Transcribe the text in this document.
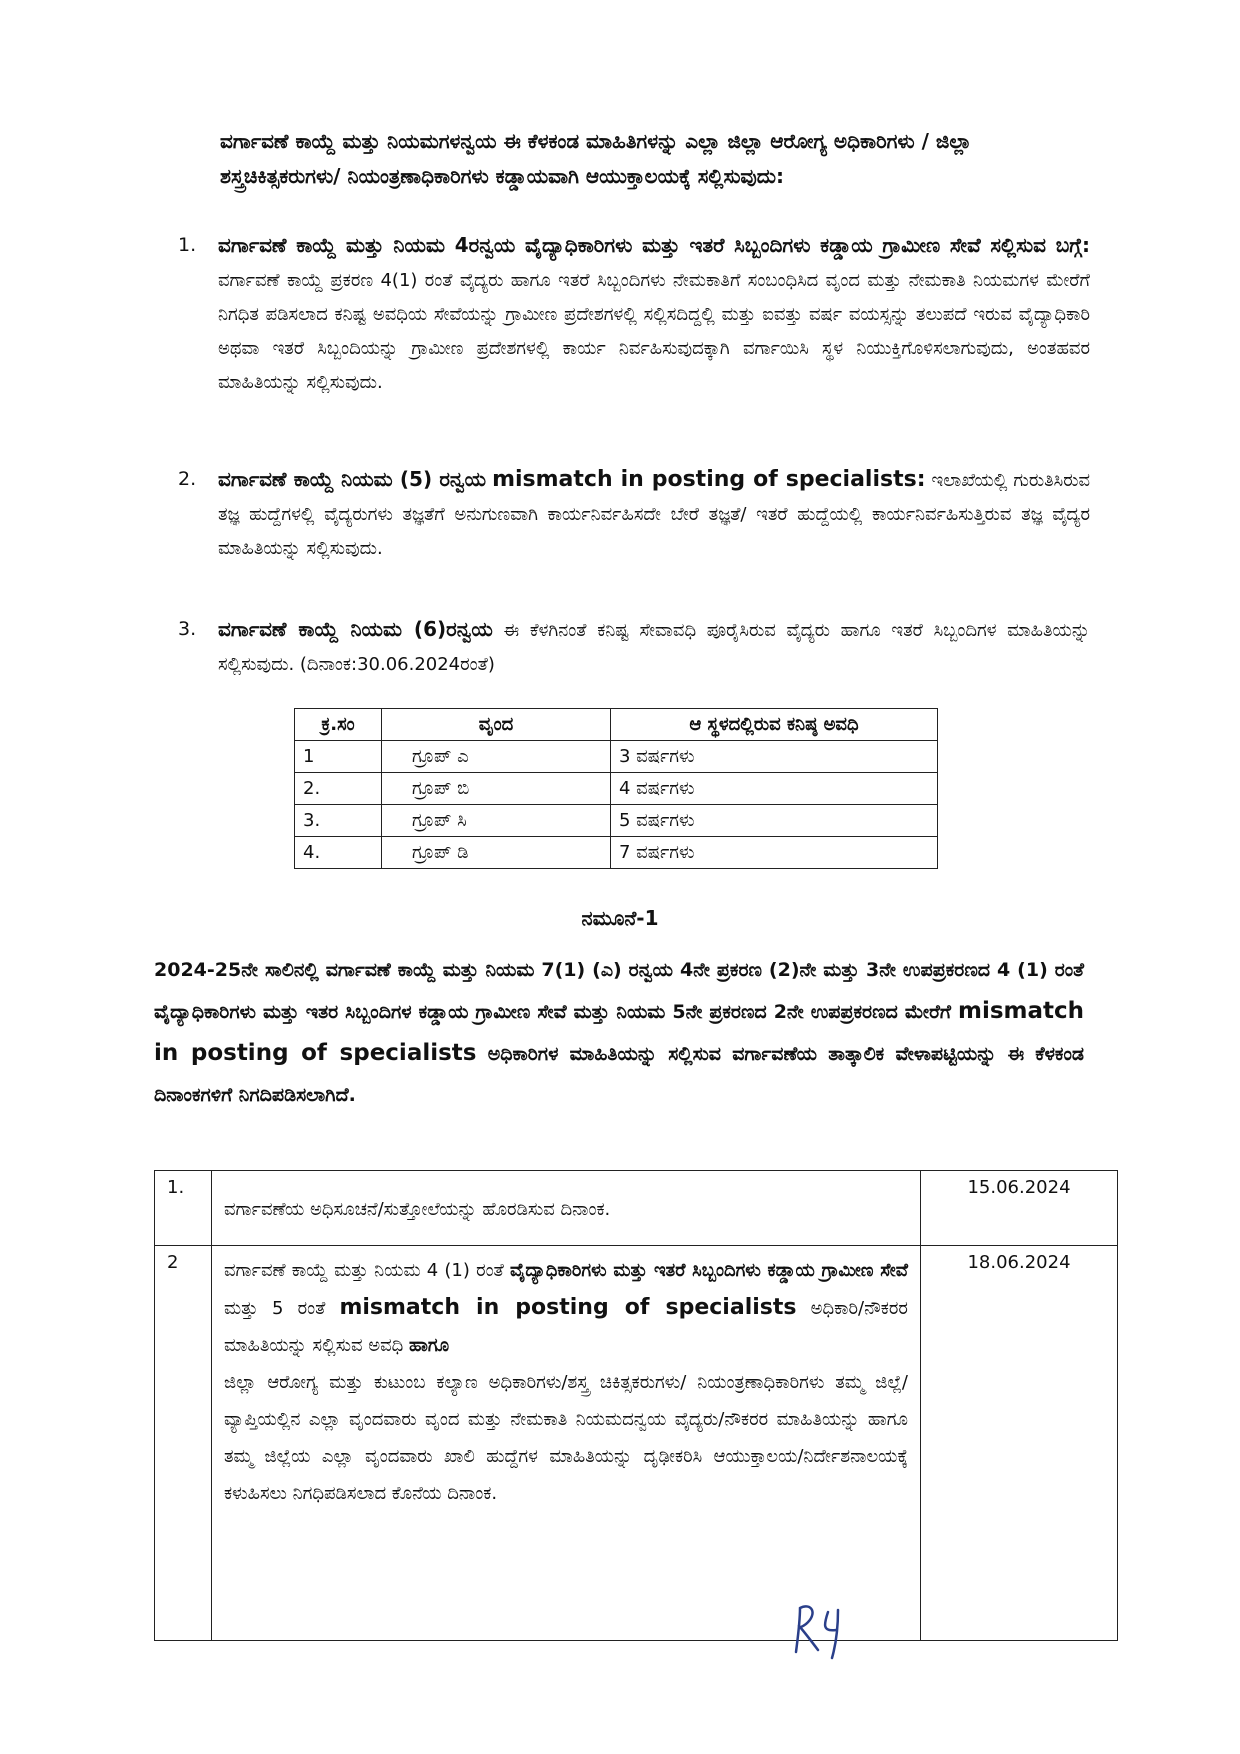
ವರ್ಗಾವಣೆ ಕಾಯ್ದೆ ಮತ್ತು ನಿಯಮಗಳನ್ವಯ ಈ ಕೆಳಕಂಡ ಮಾಹಿತಿಗಳನ್ನು ಎಲ್ಲಾ ಜಿಲ್ಲಾ ಆರೋಗ್ಯ ಅಧಿಕಾರಿಗಳು / ಜಿಲ್ಲಾ ಶಸ್ತ್ರಚಿಕಿತ್ಸಕರುಗಳು/ ನಿಯಂತ್ರಣಾಧಿಕಾರಿಗಳು ಕಡ್ಡಾಯವಾಗಿ ಆಯುಕ್ತಾಲಯಕ್ಕೆ ಸಲ್ಲಿಸುವುದು:

1. ವರ್ಗಾವಣೆ ಕಾಯ್ದೆ ಮತ್ತು ನಿಯಮ 4ರನ್ವಯ ವೈದ್ಯಾಧಿಕಾರಿಗಳು ಮತ್ತು ಇತರೆ ಸಿಬ್ಬಂದಿಗಳು ಕಡ್ಡಾಯ ಗ್ರಾಮೀಣ ಸೇವೆ ಸಲ್ಲಿಸುವ ಬಗ್ಗೆ: ವರ್ಗಾವಣೆ ಕಾಯ್ದೆ ಪ್ರಕರಣ 4(1) ರಂತೆ ವೈದ್ಯರು ಹಾಗೂ ಇತರೆ ಸಿಬ್ಬಂದಿಗಳು ನೇಮಕಾತಿಗೆ ಸಂಬಂಧಿಸಿದ ವೃಂದ ಮತ್ತು ನೇಮಕಾತಿ ನಿಯಮಗಳ ಮೇರೆಗೆ ನಿಗಧಿತ ಪಡಿಸಲಾದ ಕನಿಷ್ಟ ಅವಧಿಯ ಸೇವೆಯನ್ನು ಗ್ರಾಮೀಣ ಪ್ರದೇಶಗಳಲ್ಲಿ ಸಲ್ಲಿಸದಿದ್ದಲ್ಲಿ ಮತ್ತು ಐವತ್ತು ವರ್ಷ ವಯಸ್ಸನ್ನು ತಲುಪದೆ ಇರುವ ವೈದ್ಯಾಧಿಕಾರಿ ಅಥವಾ ಇತರೆ ಸಿಬ್ಬಂದಿಯನ್ನು ಗ್ರಾಮೀಣ ಪ್ರದೇಶಗಳಲ್ಲಿ ಕಾರ್ಯ ನಿರ್ವಹಿಸುವುದಕ್ಕಾಗಿ ವರ್ಗಾಯಿಸಿ ಸ್ಥಳ ನಿಯುಕ್ತಿಗೊಳಿಸಲಾಗುವುದು, ಅಂತಹವರ ಮಾಹಿತಿಯನ್ನು ಸಲ್ಲಿಸುವುದು.
2. ವರ್ಗಾವಣೆ ಕಾಯ್ದೆ ನಿಯಮ (5) ರನ್ವಯ mismatch in posting of specialists: ಇಲಾಖೆಯಲ್ಲಿ ಗುರುತಿಸಿರುವ ತಜ್ಞ ಹುದ್ದೆಗಳಲ್ಲಿ ವೈದ್ಯರುಗಳು ತಜ್ಞತೆಗೆ ಅನುಗುಣವಾಗಿ ಕಾರ್ಯನಿರ್ವಹಿಸದೇ ಬೇರೆ ತಜ್ಞತೆ/ ಇತರೆ ಹುದ್ದೆಯಲ್ಲಿ ಕಾರ್ಯನಿರ್ವಹಿಸುತ್ತಿರುವ ತಜ್ಞ ವೈದ್ಯರ ಮಾಹಿತಿಯನ್ನು ಸಲ್ಲಿಸುವುದು.
3. ವರ್ಗಾವಣೆ ಕಾಯ್ದೆ ನಿಯಮ (6)ರನ್ವಯ ಈ ಕೆಳಗಿನಂತೆ ಕನಿಷ್ಟ ಸೇವಾವಧಿ ಪೂರೈಸಿರುವ ವೈದ್ಯರು ಹಾಗೂ ಇತರೆ ಸಿಬ್ಬಂದಿಗಳ ಮಾಹಿತಿಯನ್ನು ಸಲ್ಲಿಸುವುದು. (ದಿನಾಂಕ:30.06.2024ರಂತೆ)
ಕ್ರ.ಸಂ	ವೃಂದ	ಆ ಸ್ಥಳದಲ್ಲಿರುವ ಕನಿಷ್ಠ ಅವಧಿ
1	ಗ್ರೂಪ್ ಎ	3 ವರ್ಷಗಳು
2.	ಗ್ರೂಪ್ ಬಿ	4 ವರ್ಷಗಳು
3.	ಗ್ರೂಪ್ ಸಿ	5 ವರ್ಷಗಳು
4.	ಗ್ರೂಪ್ ಡಿ	7 ವರ್ಷಗಳು

ನಮೂನೆ-1

2024-25ನೇ ಸಾಲಿನಲ್ಲಿ ವರ್ಗಾವಣೆ ಕಾಯ್ದೆ ಮತ್ತು ನಿಯಮ 7(1) (ಎ) ರನ್ವಯ 4ನೇ ಪ್ರಕರಣ (2)ನೇ ಮತ್ತು 3ನೇ ಉಪಪ್ರಕರಣದ 4 (1) ರಂತೆ ವೈದ್ಯಾಧಿಕಾರಿಗಳು ಮತ್ತು ಇತರ ಸಿಬ್ಬಂದಿಗಳ ಕಡ್ಡಾಯ ಗ್ರಾಮೀಣ ಸೇವೆ ಮತ್ತು ನಿಯಮ 5ನೇ ಪ್ರಕರಣದ 2ನೇ ಉಪಪ್ರಕರಣದ ಮೇರೆಗೆ mismatch in posting of specialists ಅಧಿಕಾರಿಗಳ ಮಾಹಿತಿಯನ್ನು ಸಲ್ಲಿಸುವ ವರ್ಗಾವಣೆಯ ತಾತ್ಕಾಲಿಕ ವೇಳಾಪಟ್ಟಿಯನ್ನು ಈ ಕೆಳಕಂಡ ದಿನಾಂಕಗಳಿಗೆ ನಿಗದಿಪಡಿಸಲಾಗಿದೆ.

1.	ವರ್ಗಾವಣೆಯ ಅಧಿಸೂಚನೆ/ಸುತ್ತೋಲೆಯನ್ನು ಹೊರಡಿಸುವ ದಿನಾಂಕ.	15.06.2024
2	ವರ್ಗಾವಣೆ ಕಾಯ್ದೆ ಮತ್ತು ನಿಯಮ 4 (1) ರಂತೆ ವೈದ್ಯಾಧಿಕಾರಿಗಳು ಮತ್ತು ಇತರೆ ಸಿಬ್ಬಂದಿಗಳು ಕಡ್ಡಾಯ ಗ್ರಾಮೀಣ ಸೇವೆ ಮತ್ತು 5 ರಂತೆ mismatch in posting of specialists ಅಧಿಕಾರಿ/ನೌಕರರ ಮಾಹಿತಿಯನ್ನು ಸಲ್ಲಿಸುವ ಅವಧಿ ಹಾಗೂ

ಜಿಲ್ಲಾ ಆರೋಗ್ಯ ಮತ್ತು ಕುಟುಂಬ ಕಲ್ಯಾಣ ಅಧಿಕಾರಿಗಳು/ಶಸ್ತ್ರ ಚಿಕಿತ್ಸಕರುಗಳು/ ನಿಯಂತ್ರಣಾಧಿಕಾರಿಗಳು ತಮ್ಮ ಜಿಲ್ಲೆ/ವ್ಯಾಪ್ತಿಯಲ್ಲಿನ ಎಲ್ಲಾ ವೃಂದವಾರು ವೃಂದ ಮತ್ತು ನೇಮಕಾತಿ ನಿಯಮದನ್ವಯ ವೈದ್ಯರು/ನೌಕರರ ಮಾಹಿತಿಯನ್ನು ಹಾಗೂ ತಮ್ಮ ಜಿಲ್ಲೆಯ ಎಲ್ಲಾ ವೃಂದವಾರು ಖಾಲಿ ಹುದ್ದೆಗಳ ಮಾಹಿತಿಯನ್ನು ದೃಢೀಕರಿಸಿ ಆಯುಕ್ತಾಲಯ/ನಿರ್ದೇಶನಾಲಯಕ್ಕೆ ಕಳುಹಿಸಲು ನಿಗಧಿಪಡಿಸಲಾದ ಕೊನೆಯ ದಿನಾಂಕ.	18.06.2024
